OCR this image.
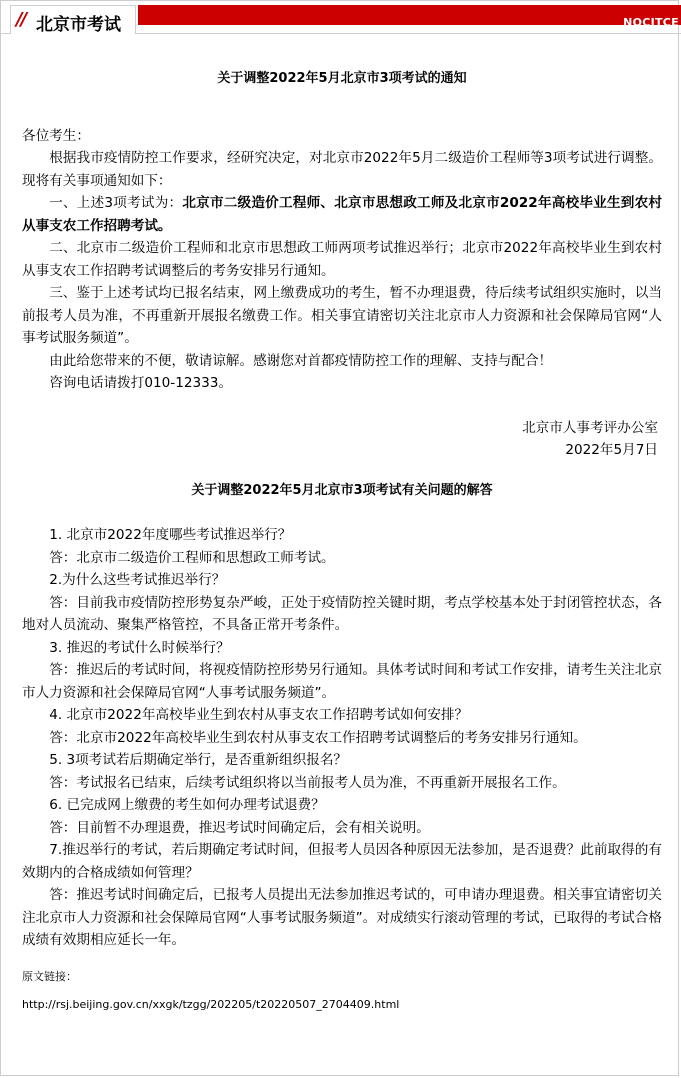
NOCITCE
// 北京市考试

关于调整2022年5月北京市3项考试的通知

各位考生：

根据我市疫情防控工作要求，经研究决定，对北京市2022年5月二级造价工程师等3项考试进行调整。现将有关事项通知如下：

一、上述3项考试为：北京市二级造价工程师、北京市思想政工师及北京市2022年高校毕业生到农村从事支农工作招聘考试。

二、北京市二级造价工程师和北京市思想政工师两项考试推迟举行；北京市2022年高校毕业生到农村从事支农工作招聘考试调整后的考务安排另行通知。

三、鉴于上述考试均已报名结束，网上缴费成功的考生，暂不办理退费，待后续考试组织实施时，以当前报考人员为准，不再重新开展报名缴费工作。相关事宜请密切关注北京市人力资源和社会保障局官网“人事考试服务频道”。

由此给您带来的不便，敬请谅解。感谢您对首都疫情防控工作的理解、支持与配合！

咨询电话请拨打010-12333。

北京市人事考评办公室

2022年5月7日

关于调整2022年5月北京市3项考试有关问题的解答

1. 北京市2022年度哪些考试推迟举行？

答：北京市二级造价工程师和思想政工师考试。

2.为什么这些考试推迟举行？

答：目前我市疫情防控形势复杂严峻，正处于疫情防控关键时期，考点学校基本处于封闭管控状态，各地对人员流动、聚集严格管控，不具备正常开考条件。

3. 推迟的考试什么时候举行？

答：推迟后的考试时间，将视疫情防控形势另行通知。具体考试时间和考试工作安排，请考生关注北京市人力资源和社会保障局官网“人事考试服务频道”。

4. 北京市2022年高校毕业生到农村从事支农工作招聘考试如何安排？

答：北京市2022年高校毕业生到农村从事支农工作招聘考试调整后的考务安排另行通知。

5. 3项考试若后期确定举行，是否重新组织报名？

答：考试报名已结束，后续考试组织将以当前报考人员为准，不再重新开展报名工作。

6. 已完成网上缴费的考生如何办理考试退费？

答：目前暂不办理退费，推迟考试时间确定后，会有相关说明。

7.推迟举行的考试，若后期确定考试时间，但报考人员因各种原因无法参加，是否退费？此前取得的有效期内的合格成绩如何管理？

答：推迟考试时间确定后，已报考人员提出无法参加推迟考试的，可申请办理退费。相关事宜请密切关注北京市人力资源和社会保障局官网“人事考试服务频道”。对成绩实行滚动管理的考试，已取得的考试合格成绩有效期相应延长一年。

原文链接：

http://rsj.beijing.gov.cn/xxgk/tzgg/202205/t20220507_2704409.html
